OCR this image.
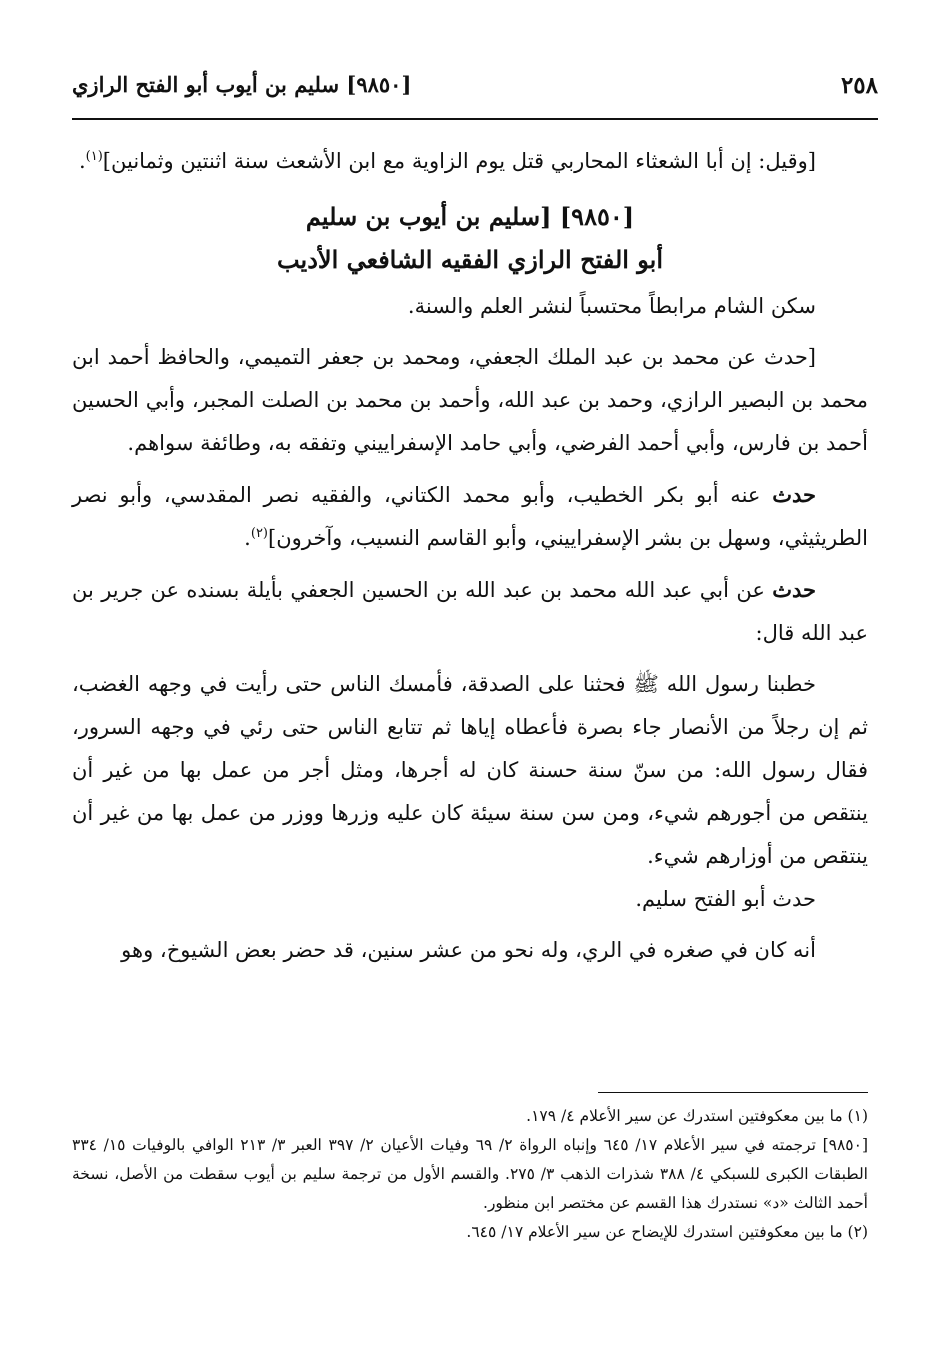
٢٥٨
[٩٨٥٠] سليم بن أيوب أبو الفتح الرازي

[وقيل: إن أبا الشعثاء المحاربي قتل يوم الزاوية مع ابن الأشعث سنة اثنتين وثمانين]$^{(١)}$.

[٩٨٥٠] [سليم بن أيوب بن سليم
أبو الفتح الرازي الفقيه الشافعي الأديب

سكن الشام مرابطاً محتسباً لنشر العلم والسنة.

[حدث عن محمد بن عبد الملك الجعفي، ومحمد بن جعفر التميمي، والحافظ أحمد ابن محمد بن البصير الرازي، وحمد بن عبد الله، وأحمد بن محمد بن الصلت المجبر، وأبي الحسين أحمد بن فارس، وأبي أحمد الفرضي، وأبي حامد الإسفراييني وتفقه به، وطائفة سواهم.

حدث عنه أبو بكر الخطيب، وأبو محمد الكتاني، والفقيه نصر المقدسي، وأبو نصر الطريثيثي، وسهل بن بشر الإسفراييني، وأبو القاسم النسيب، وآخرون]$^{(٢)}$.

حدث عن أبي عبد الله محمد بن عبد الله بن الحسين الجعفي بأيلة بسنده عن جرير بن عبد الله قال:

خطبنا رسول الله ﷺ فحثنا على الصدقة، فأمسك الناس حتى رأيت في وجهه الغضب، ثم إن رجلاً من الأنصار جاء بصرة فأعطاه إياها ثم تتابع الناس حتى رئي في وجهه السرور، فقال رسول الله: من سنّ سنة حسنة كان له أجرها، ومثل أجر من عمل بها من غير أن ينتقص من أجورهم شيء، ومن سن سنة سيئة كان عليه وزرها ووزر من عمل بها من غير أن ينتقص من أوزارهم شيء.

حدث أبو الفتح سليم.

أنه كان في صغره في الري، وله نحو من عشر سنين، قد حضر بعض الشيوخ، وهو

(١) ما بين معكوفتين استدرك عن سير الأعلام ٤/ ١٧٩.

[٩٨٥٠] ترجمته في سير الأعلام ١٧/ ٦٤٥ وإنباه الرواة ٢/ ٦٩ وفيات الأعيان ٢/ ٣٩٧ العبر ٣/ ٢١٣ الوافي بالوفيات ١٥/ ٣٣٤ الطبقات الكبرى للسبكي ٤/ ٣٨٨ شذرات الذهب ٣/ ٢٧٥. والقسم الأول من ترجمة سليم بن أيوب سقطت من الأصل، نسخة أحمد الثالث «د» نستدرك هذا القسم عن مختصر ابن منظور.

(٢) ما بين معكوفتين استدرك للإيضاح عن سير الأعلام ١٧/ ٦٤٥.
